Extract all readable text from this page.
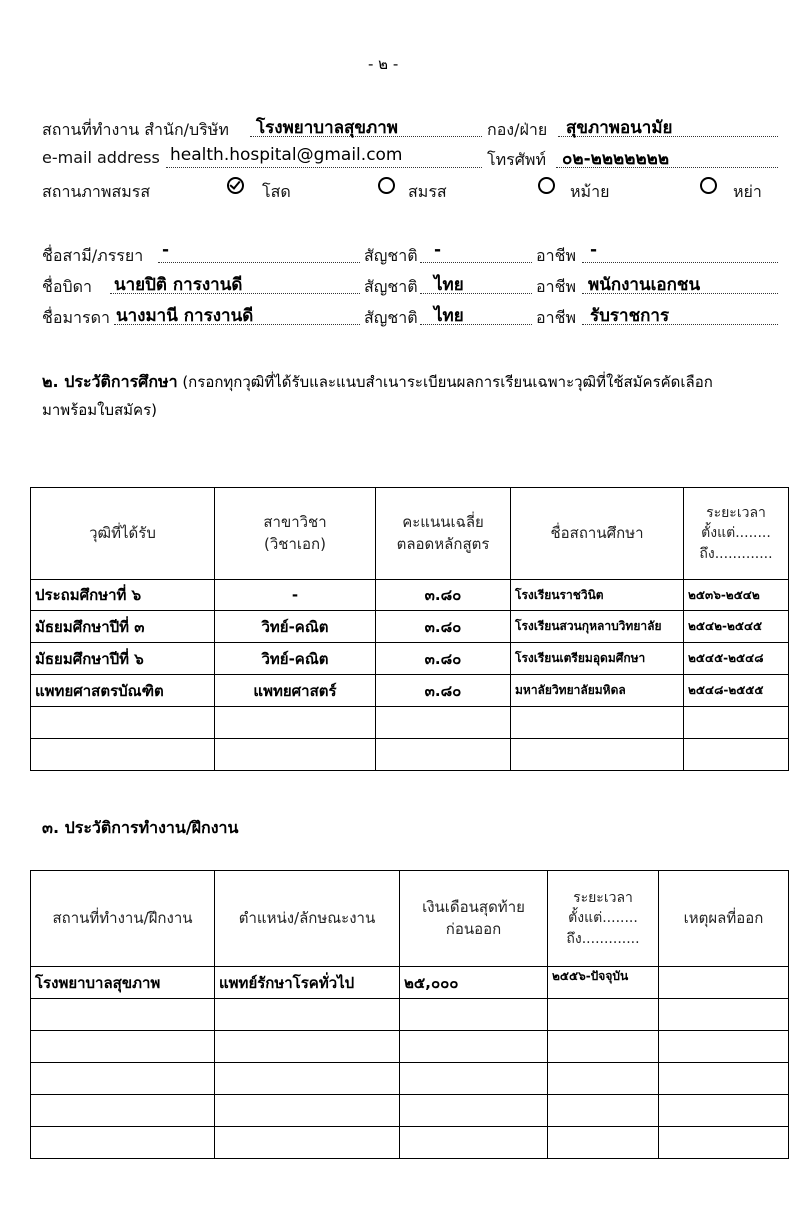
- ๒ -
สถานที่ทำงาน สำนัก/บริษัท โรงพยาบาลสุขภาพ	กอง/ฝ่าย สุขภาพอนามัย
e-mail address health.hospital@gmail.com	โทรศัพท์ ๐๒-๒๒๒๒๒๒๒
สถานภาพสมรส	โสด	สมรส	หม้าย	หย่า
ชื่อสามี/ภรรยา -	สัญชาติ -	อาชีพ -
ชื่อบิดา นายปิติ การงานดี	สัญชาติ ไทย	อาชีพ พนักงานเอกชน
ชื่อมารดา นางมานี การงานดี	สัญชาติ ไทย	อาชีพ รับราชการ
๒. ประวัติการศึกษา (กรอกทุกวุฒิที่ได้รับและแนบสำเนาระเบียนผลการเรียนเฉพาะวุฒิที่ใช้สมัครคัดเลือก
มาพร้อมใบสมัคร)
วุฒิที่ได้รับ	สาขาวิชา
(วิชาเอก)	คะแนนเฉลี่ย
ตลอดหลักสูตร	ชื่อสถานศึกษา	ระยะเวลา
ตั้งแต่........
ถึง.............
ประถมศึกษาที่ ๖	-	๓.๘๐	โรงเรียนราชวินิต	๒๕๓๖-๒๕๔๒
มัธยมศึกษาปีที่ ๓	วิทย์-คณิต	๓.๘๐	โรงเรียนสวนกุหลาบวิทยาลัย	๒๕๔๒-๒๕๔๕
มัธยมศึกษาปีที่ ๖	วิทย์-คณิต	๓.๘๐	โรงเรียนเตรียมอุดมศึกษา	๒๕๔๕-๒๕๔๘
แพทยศาสตรบัณฑิต	แพทยศาสตร์	๓.๘๐	มหาลัยวิทยาลัยมหิดล	๒๕๔๘-๒๕๕๕

๓. ประวัติการทำงาน/ฝึกงาน
สถานที่ทำงาน/ฝึกงาน	ตำแหน่ง/ลักษณะงาน	เงินเดือนสุดท้าย
ก่อนออก	ระยะเวลา
ตั้งแต่........
ถึง.............	เหตุผลที่ออก
โรงพยาบาลสุขภาพ	แพทย์รักษาโรคทั่วไป	๒๕,๐๐๐	๒๕๕๖-ปัจจุบัน	
